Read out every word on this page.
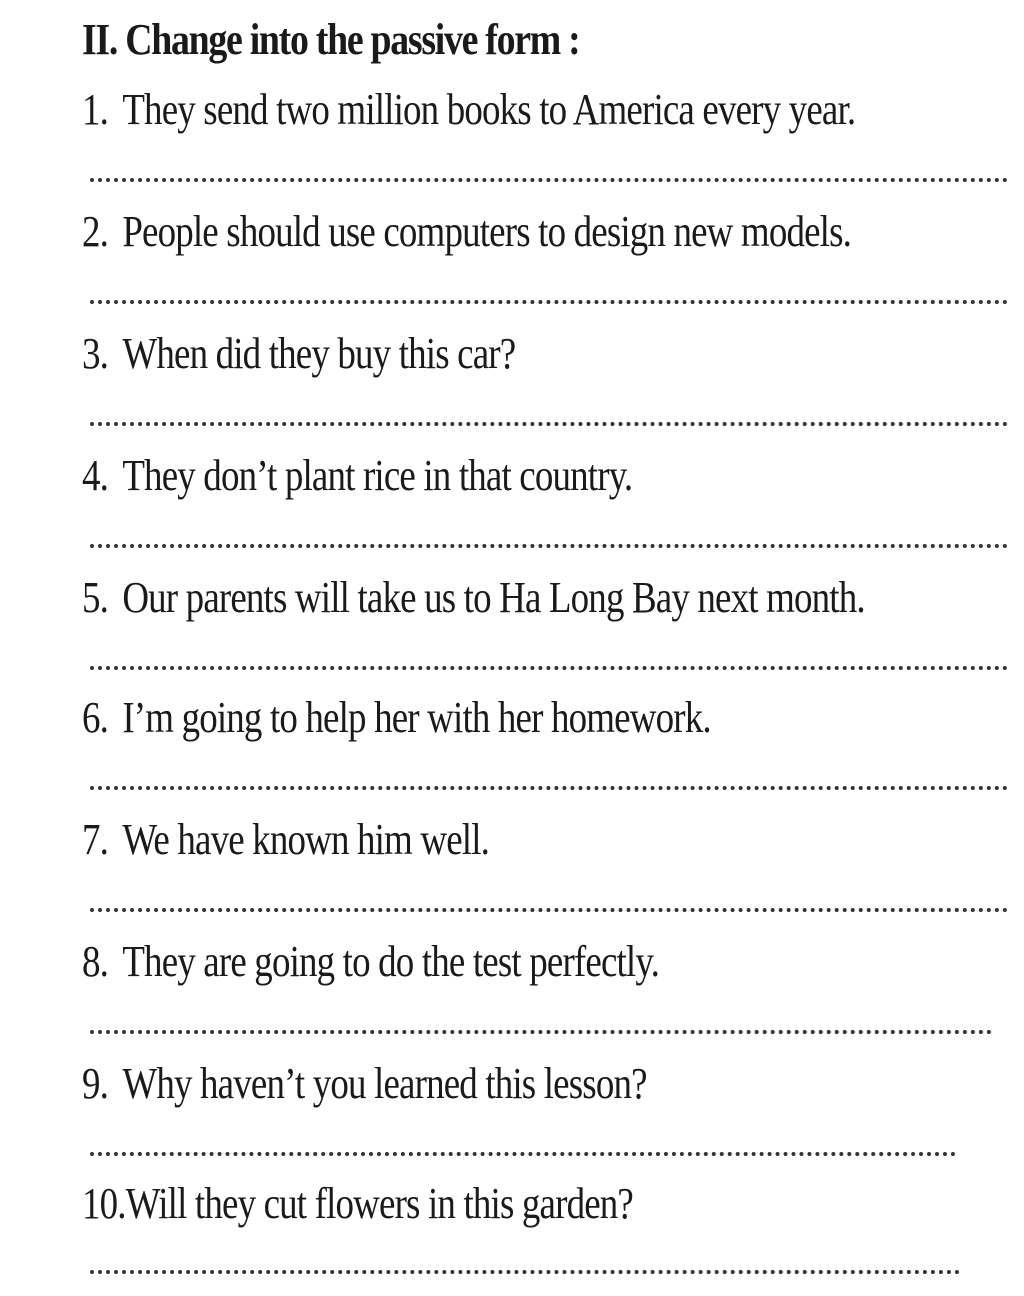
II. Change into the passive form :
1. They send two million books to America every year.
2. People should use computers to design new models.
3. When did they buy this car?
4. They don’t plant rice in that country.
5. Our parents will take us to Ha Long Bay next month.
6. I’m going to help her with her homework.
7. We have known him well.
8. They are going to do the test perfectly.
9. Why haven’t you learned this lesson?
10.Will they cut flowers in this garden?
